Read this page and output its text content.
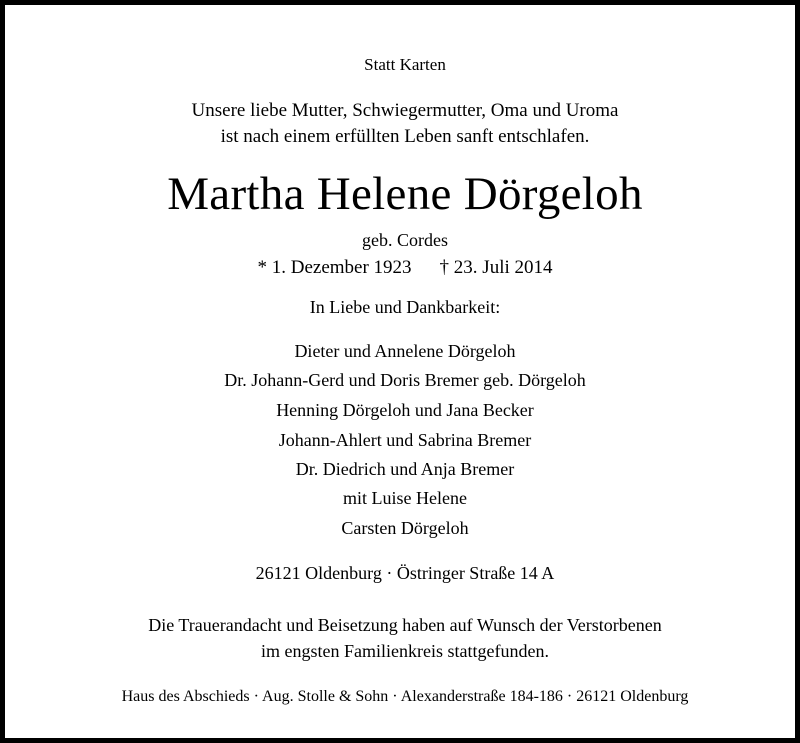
Statt Karten
Unsere liebe Mutter, Schwiegermutter, Oma und Uroma
ist nach einem erfüllten Leben sanft entschlafen.
Martha Helene Dörgeloh
geb. Cordes
* 1. Dezember 1923 † 23. Juli 2014
In Liebe und Dankbarkeit:
Dieter und Annelene Dörgeloh
Dr. Johann-Gerd und Doris Bremer geb. Dörgeloh
Henning Dörgeloh und Jana Becker
Johann-Ahlert und Sabrina Bremer
Dr. Diedrich und Anja Bremer
mit Luise Helene
Carsten Dörgeloh
26121 Oldenburg · Östringer Straße 14 A
Die Trauerandacht und Beisetzung haben auf Wunsch der Verstorbenen
im engsten Familienkreis stattgefunden.
Haus des Abschieds · Aug. Stolle & Sohn · Alexanderstraße 184-186 · 26121 Oldenburg
